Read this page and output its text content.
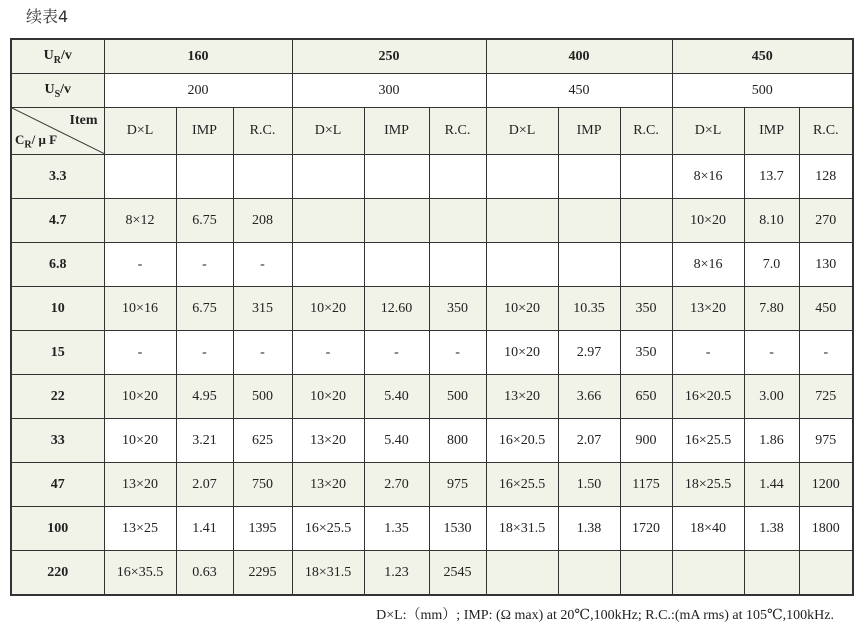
续表4
$U_R/v$	160			250			400			450		
$U_S/v$	200			300			450			500		

Item
$C_R/$ μ F	D×L	IMP	R.C.	D×L	IMP	R.C.	D×L	IMP	R.C.	D×L	IMP	R.C.
3.3										8×16	13.7	128
4.7	8×12	6.75	208							10×20	8.10	270
6.8	-	-	-							8×16	7.0	130
10	10×16	6.75	315	10×20	12.60	350	10×20	10.35	350	13×20	7.80	450
15	-	-	-	-	-	-	10×20	2.97	350	-	-	-
22	10×20	4.95	500	10×20	5.40	500	13×20	3.66	650	16×20.5	3.00	725
33	10×20	3.21	625	13×20	5.40	800	16×20.5	2.07	900	16×25.5	1.86	975
47	13×20	2.07	750	13×20	2.70	975	16×25.5	1.50	1175	18×25.5	1.44	1200
100	13×25	1.41	1395	16×25.5	1.35	1530	18×31.5	1.38	1720	18×40	1.38	1800
220	16×35.5	0.63	2295	18×31.5	1.23	2545						
D×L:（mm）; IMP: (Ω max) at 20℃,100kHz; R.C.:(mA rms) at 105℃,100kHz.
